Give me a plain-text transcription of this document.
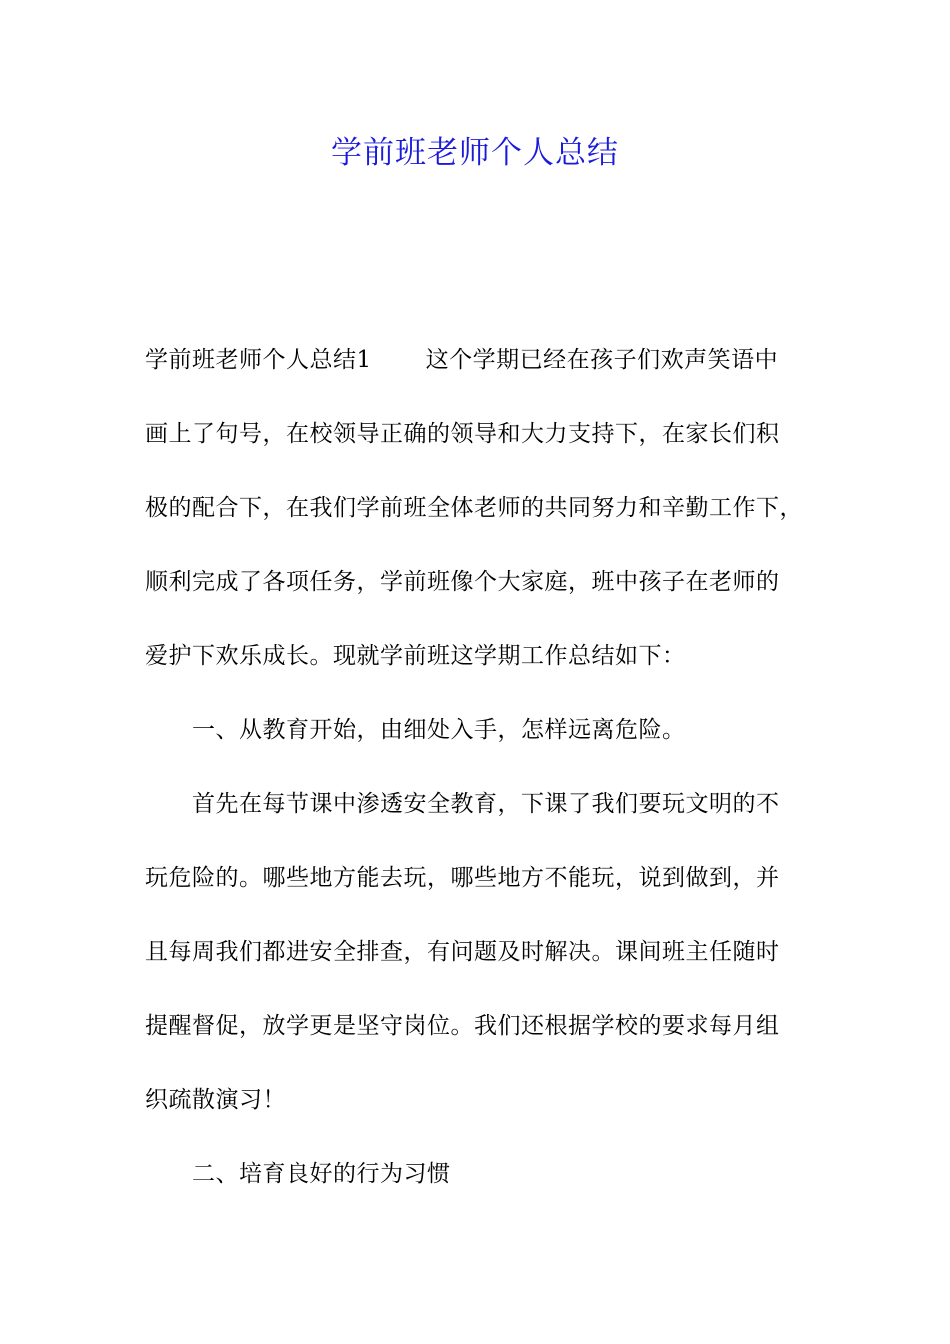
学前班老师个人总结
学前班老师个人总结1 这个学期已经在孩子们欢声笑语中
画上了句号，在校领导正确的领导和大力支持下，在家长们积
极的配合下，在我们学前班全体老师的共同努力和辛勤工作下，
顺利完成了各项任务，学前班像个大家庭，班中孩子在老师的
爱护下欢乐成长。现就学前班这学期工作总结如下：
一、从教育开始，由细处入手，怎样远离危险。
首先在每节课中渗透安全教育，下课了我们要玩文明的不
玩危险的。哪些地方能去玩，哪些地方不能玩，说到做到，并
且每周我们都进安全排查，有问题及时解决。课间班主任随时
提醒督促，放学更是坚守岗位。我们还根据学校的要求每月组
织疏散演习！
二、培育良好的行为习惯
